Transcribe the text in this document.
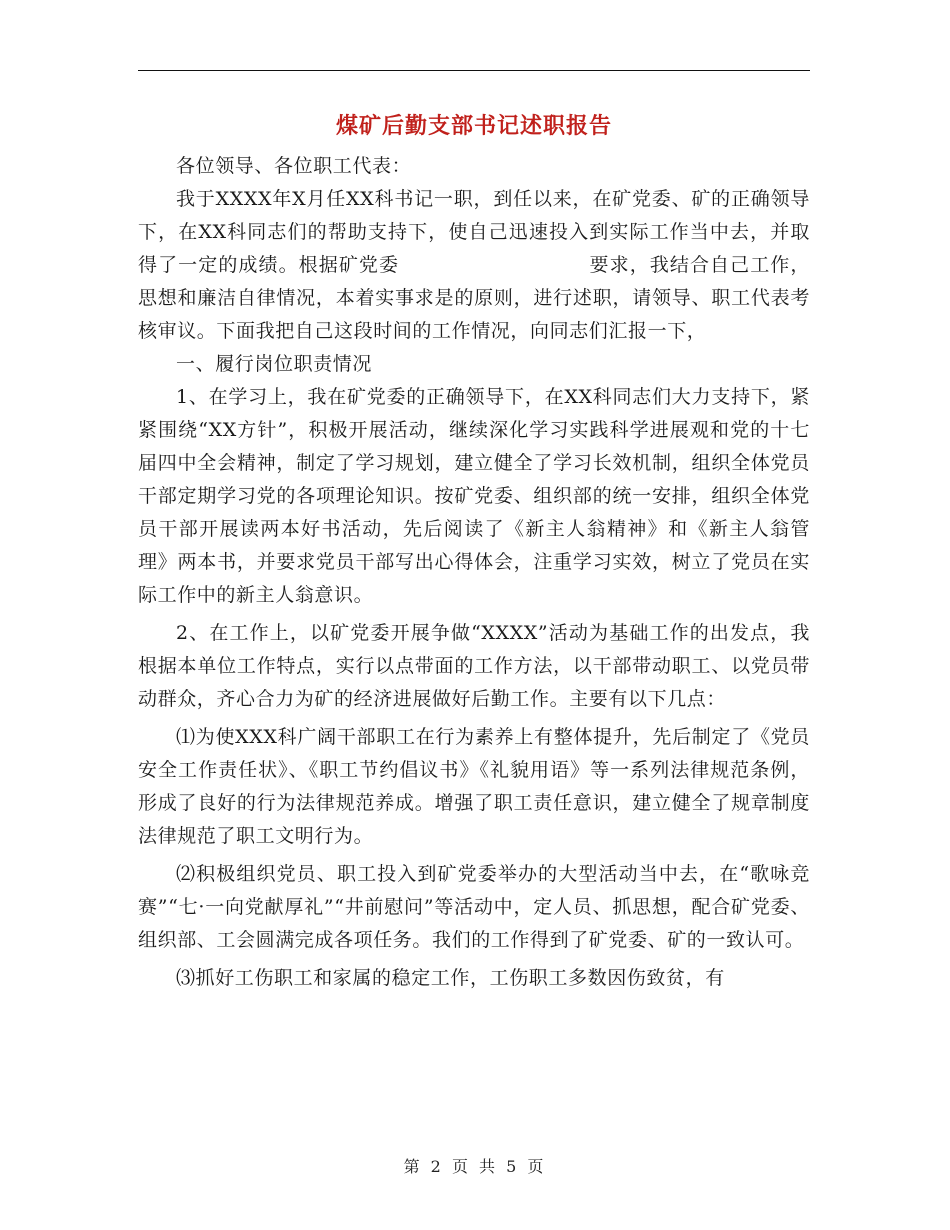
煤矿后勤支部书记述职报告

各位领导、各位职工代表：

我于XXXX年X月任XX科书记一职，到任以来，在矿党委、矿的正确领导下，在XX科同志们的帮助支持下，使自己迅速投入到实际工作当中去，并取得了一定的成绩。根据矿党委	要求，我结合自己工作，思想和廉洁自律情况，本着实事求是的原则，进行述职，请领导、职工代表考核审议。下面我把自己这段时间的工作情况，向同志们汇报一下，

一、履行岗位职责情况

1、在学习上，我在矿党委的正确领导下，在XX科同志们大力支持下，紧紧围绕“XX方针”，积极开展活动，继续深化学习实践科学进展观和党的十七届四中全会精神，制定了学习规划，建立健全了学习长效机制，组织全体党员干部定期学习党的各项理论知识。按矿党委、组织部的统一安排，组织全体党员干部开展读两本好书活动，先后阅读了《新主人翁精神》和《新主人翁管理》两本书，并要求党员干部写出心得体会，注重学习实效，树立了党员在实际工作中的新主人翁意识。

2、在工作上，以矿党委开展争做“XXXX”活动为基础工作的出发点，我根据本单位工作特点，实行以点带面的工作方法，以干部带动职工、以党员带动群众，齐心合力为矿的经济进展做好后勤工作。主要有以下几点：

⑴为使XXX科广阔干部职工在行为素养上有整体提升，先后制定了《党员安全工作责任状》、《职工节约倡议书》《礼貌用语》等一系列法律规范条例，形成了良好的行为法律规范养成。增强了职工责任意识，建立健全了规章制度 法律规范了职工文明行为。

⑵积极组织党员、职工投入到矿党委举办的大型活动当中去，在“歌咏竞赛”“七·一向党献厚礼”“井前慰问”等活动中，定人员、抓思想，配合矿党委、组织部、工会圆满完成各项任务。我们的工作得到了矿党委、矿的一致认可。

⑶抓好工伤职工和家属的稳定工作，工伤职工多数因伤致贫，有

第 2 页 共 5 页
